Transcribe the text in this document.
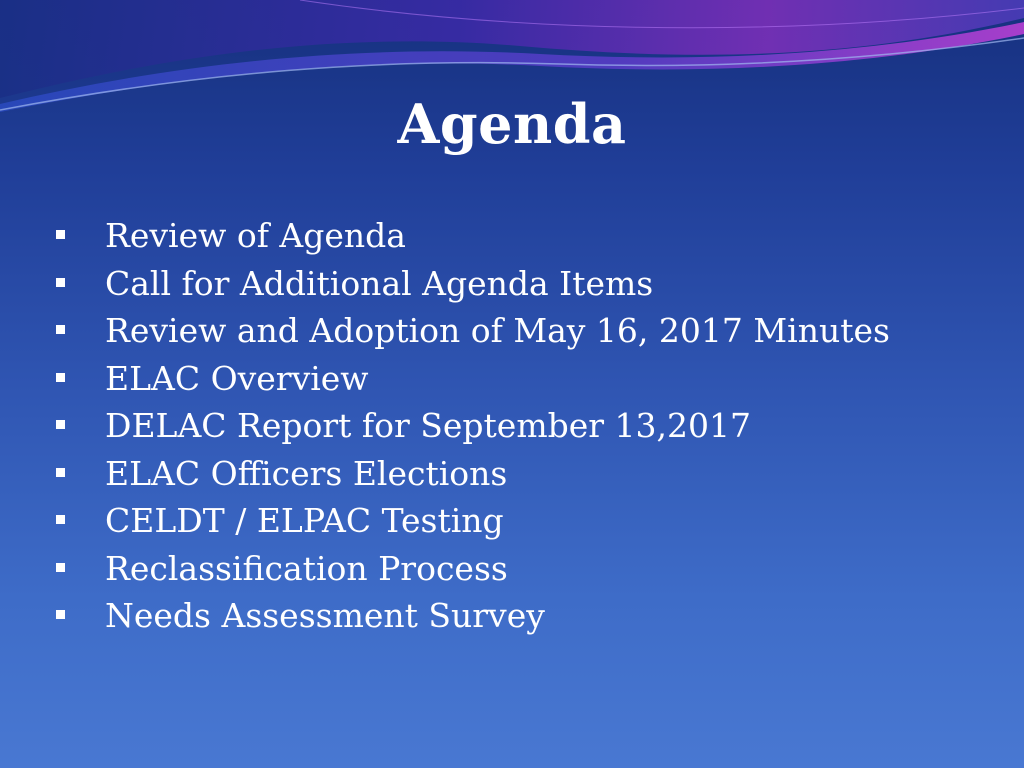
Agenda
Review of Agenda
Call for Additional Agenda Items
Review and Adoption of May 16, 2017 Minutes
ELAC Overview
DELAC Report for September 13,2017
ELAC Officers Elections
CELDT / ELPAC Testing
Reclassification Process
Needs Assessment Survey
